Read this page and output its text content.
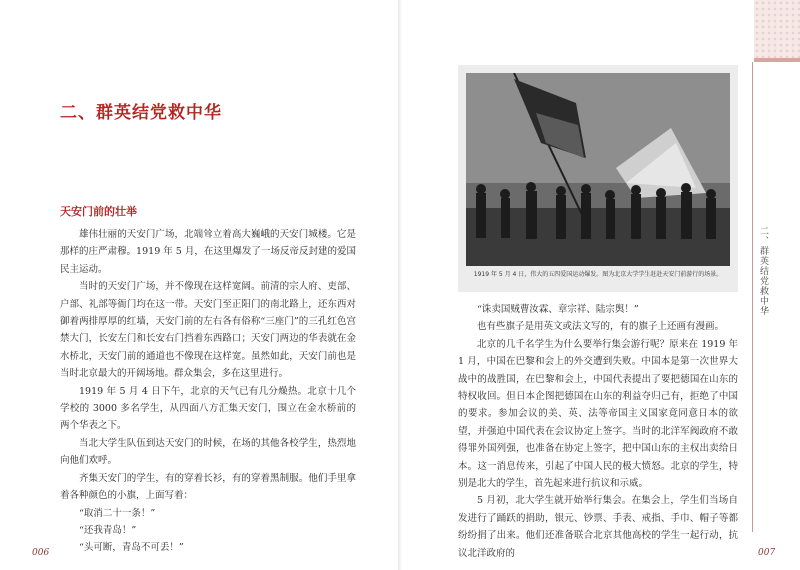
二、群英结党救中华
天安门前的壮举

雄伟壮丽的天安门广场，北端耸立着高大巍峨的天安门城楼。它是那样的庄严肃穆。1919 年 5 月，在这里爆发了一场反帝反封建的爱国民主运动。

当时的天安门广场，并不像现在这样宽阔。前清的宗人府、吏部、户部、礼部等衙门均在这一带。天安门至正阳门的南北路上，还东西对御着两排厚厚的红墙，天安门前的左右各有俗称“三座门”的三孔红色宫禁大门，长安左门和长安右门挡着东西路口；天安门两边的华表就在金水桥北，天安门前的通道也不像现在这样宽。虽然如此，天安门前也是当时北京最大的开阔场地。群众集会，多在这里进行。

1919 年 5 月 4 日下午，北京的天气已有几分燥热。北京十几个学校的 3000 多名学生，从四面八方汇集天安门，围立在金水桥前的两个华表之下。

当北大学生队伍到达天安门的时候，在场的其他各校学生，热烈地向他们欢呼。

齐集天安门的学生，有的穿着长衫，有的穿着黑制服。他们手里拿着各种颜色的小旗，上面写着：

“取消二十一条！”

“还我青岛！”

“头可断，青岛不可丢！”

006

1919 年 5 月 4 日，伟大的五四爱国运动爆发。图为北京大学学生赶赴天安门前游行的场景。

“诛卖国贼曹汝霖、章宗祥、陆宗舆！”

也有些旗子是用英文或法文写的，有的旗子上还画有漫画。

北京的几千名学生为什么要举行集会游行呢？原来在 1919 年 1 月，中国在巴黎和会上的外交遭到失败。中国本是第一次世界大战中的战胜国，在巴黎和会上，中国代表提出了要把德国在山东的特权收回。但日本企图把德国在山东的利益夺归己有，拒绝了中国的要求。参加会议的美、英、法等帝国主义国家竟同意日本的欲望，并强迫中国代表在会议协定上签字。当时的北洋军阀政府不敢得罪外国列强，也准备在协定上签字，把中国山东的主权出卖给日本。这一消息传来，引起了中国人民的极大愤怒。北京的学生，特别是北大的学生，首先起来进行抗议和示威。

5 月初，北大学生就开始举行集会。在集会上，学生们当场自发进行了踊跃的捐助，银元、钞票、手表、戒指、手巾、帽子等都纷纷捐了出来。他们还准备联合北京其他高校的学生一起行动，抗议北洋政府的

二、群英结党救中华
007
